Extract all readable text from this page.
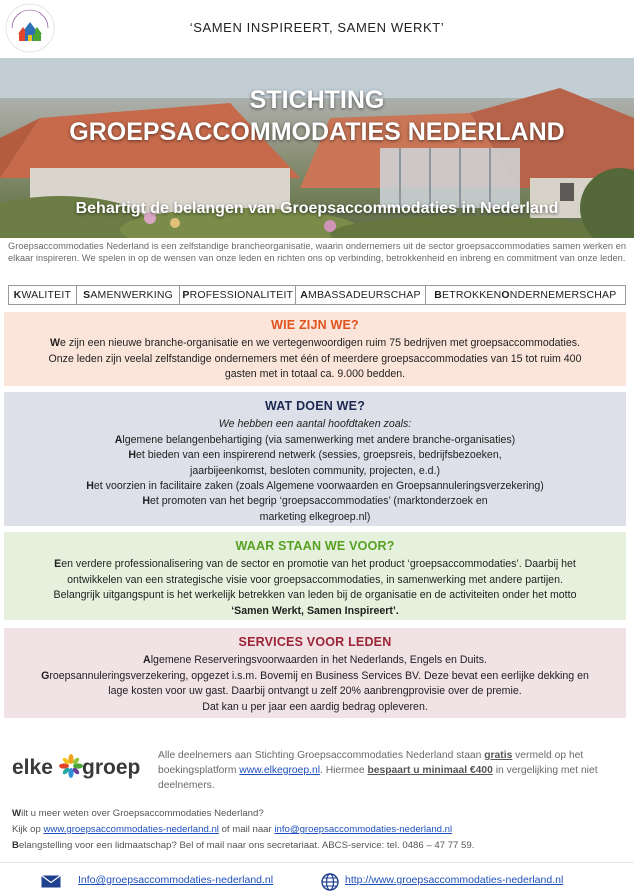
‘SAMEN INSPIREERT, SAMEN WERKT’
STICHTING
GROEPSACCOMMODATIES NEDERLAND
Behartigt de belangen van Groepsaccommodaties in Nederland
Groepsaccommodaties Nederland is een zelfstandige brancheorganisatie, waarin ondernemers uit de sector groepsaccommodaties samen werken en elkaar inspireren. We spelen in op de wensen van onze leden en richten ons op verbinding, betrokkenheid en inbreng en commitment van onze leden.
K WALITEIT S AMENWERKING P ROFESSIONALITEIT A MBASSADEURSCHAP B ETROKKEN O NDERNEMERSCHAP
WIE ZIJN WE?

We zijn een nieuwe branche-organisatie en we vertegenwoordigen ruim 75 bedrijven met groepsaccommodaties.

Onze leden zijn veelal zelfstandige ondernemers met één of meerdere groepsaccommodaties van 15 tot ruim 400

gasten met in totaal ca. 9.000 bedden.

WAT DOEN WE?

We hebben een aantal hoofdtaken zoals:

Algemene belangenbehartiging (via samenwerking met andere branche-organisaties)

Het bieden van een inspirerend netwerk (sessies, groepsreis, bedrijfsbezoeken,

jaarbijeenkomst, besloten community, projecten, e.d.)

Het voorzien in facilitaire zaken (zoals Algemene voorwaarden en Groepsannuleringsverzekering)

Het promoten van het begrip ‘groepsaccommodaties’ (marktonderzoek en

marketing elkegroep.nl)

WAAR STAAN WE VOOR?

Een verdere professionalisering van de sector en promotie van het product ‘groepsaccommodaties’. Daarbij het

ontwikkelen van een strategische visie voor groepsaccommodaties, in samenwerking met andere partijen.

Belangrijk uitgangspunt is het werkelijk betrekken van leden bij de organisatie en de activiteiten onder het motto

‘Samen Werkt, Samen Inspireert’.

SERVICES VOOR LEDEN

Algemene Reserveringsvoorwaarden in het Nederlands, Engels en Duits.

Groepsannuleringsverzekering, opgezet i.s.m. Bovemij en Business Services BV. Deze bevat een eerlijke dekking en

lage kosten voor uw gast. Daarbij ontvangt u zelf 20% aanbrengprovisie over de premie.

Dat kan u per jaar een aardig bedrag opleveren.

elke groep
Alle deelnemers aan Stichting Groepsaccommodaties Nederland staan gratis vermeld op het boekingsplatform www.elkegroep.nl. Hiermee bespaart u minimaal €400 in vergelijking met niet deelnemers.
Wilt u meer weten over Groepsaccommodaties Nederland?
Kijk op www.groepsaccommodaties-nederland.nl of mail naar info@groepsaccommodaties-nederland.nl
Belangstelling voor een lidmaatschap? Bel of mail naar ons secretariaat. ABCS-service: tel. 0486 – 47 77 59.
Info@groepsaccommodaties-nederland.nl	http://www.groepsaccommodaties-nederland.nl
